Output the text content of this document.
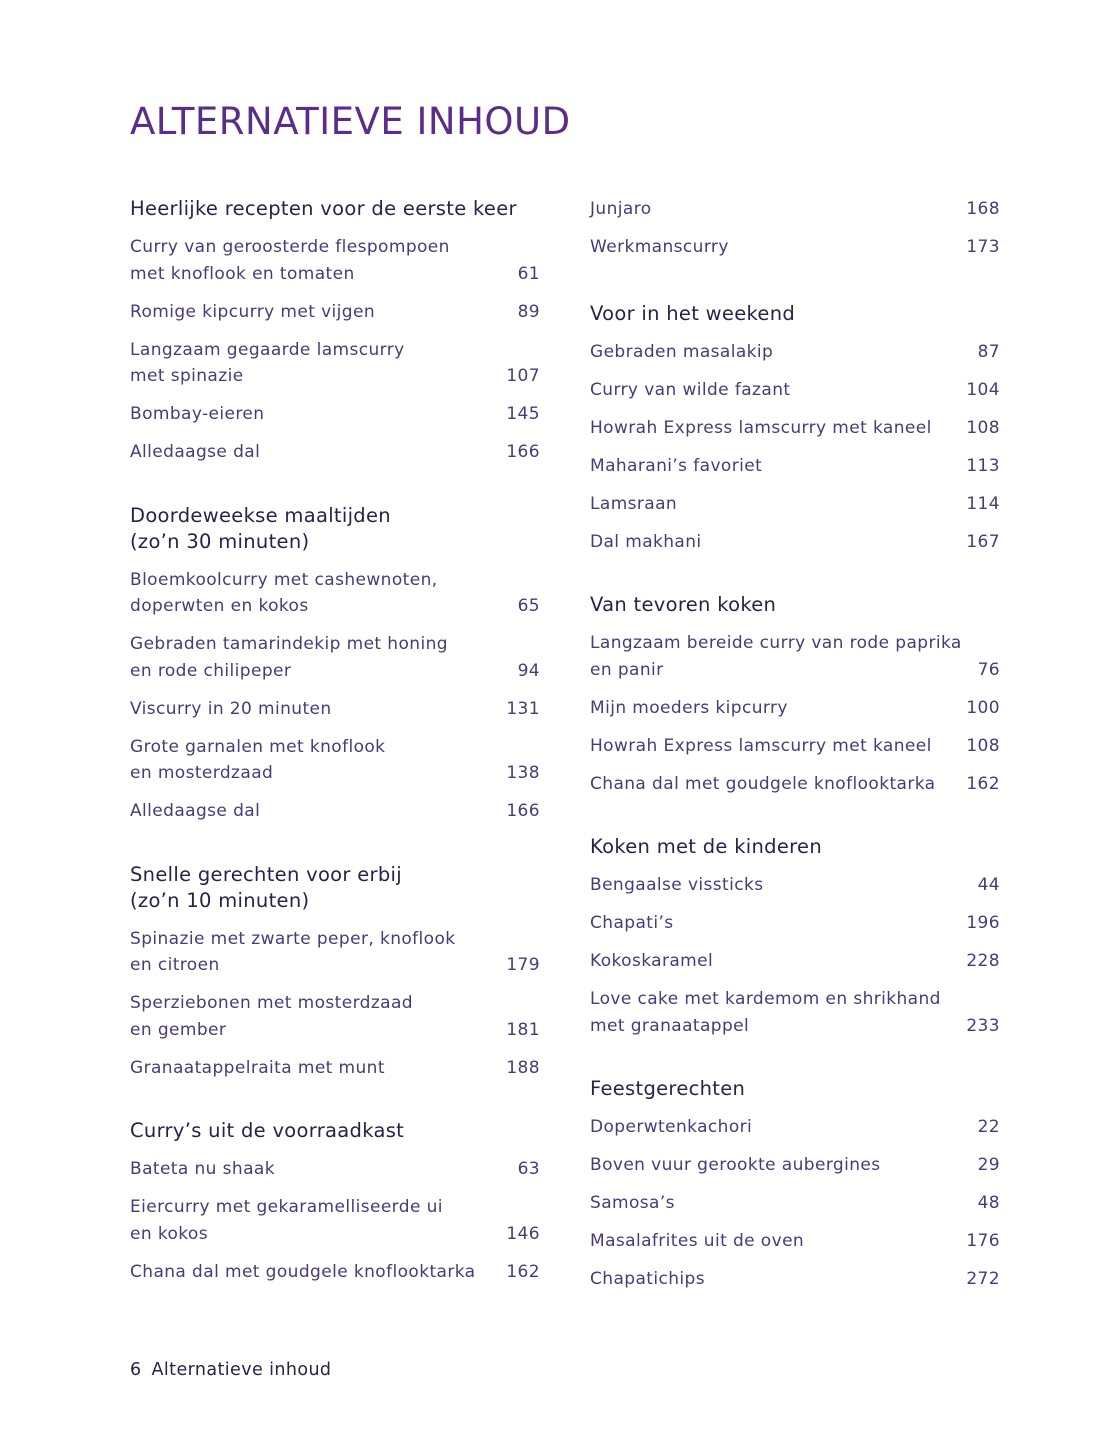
ALTERNATIEVE INHOUD
Heerlijke recepten voor de eerste keer
Curry van geroosterde flespompoen
met knoflook en tomaten	61
Romige kipcurry met vijgen	89
Langzaam gegaarde lamscurry
met spinazie	107
Bombay-eieren	145
Alledaagse dal	166
Doordeweekse maaltijden
(zo’n 30 minuten)
Bloemkoolcurry met cashewnoten,
doperwten en kokos	65
Gebraden tamarindekip met honing
en rode chilipeper	94
Viscurry in 20 minuten	131
Grote garnalen met knoflook
en mosterdzaad	138
Alledaagse dal	166
Snelle gerechten voor erbij
(zo’n 10 minuten)
Spinazie met zwarte peper, knoflook
en citroen	179
Sperziebonen met mosterdzaad
en gember	181
Granaatappelraita met munt	188
Curry’s uit de voorraadkast
Bateta nu shaak	63
Eiercurry met gekaramelliseerde ui
en kokos	146
Chana dal met goudgele knoflooktarka 162
Junjaro	168
Werkmanscurry	173
Voor in het weekend
Gebraden masalakip	87
Curry van wilde fazant	104
Howrah Express lamscurry met kaneel 108
Maharani’s favoriet	113
Lamsraan	114
Dal makhani	167
Van tevoren koken
Langzaam bereide curry van rode paprika
en panir	76
Mijn moeders kipcurry	100
Howrah Express lamscurry met kaneel 108
Chana dal met goudgele knoflooktarka 162
Koken met de kinderen
Bengaalse vissticks	44
Chapati’s	196
Kokoskaramel	228
Love cake met kardemom en shrikhand
met granaatappel	233
Feestgerechten
Doperwtenkachori	22
Boven vuur gerookte aubergines	29
Samosa’s	48
Masalafrites uit de oven	176
Chapatichips	272
6 Alternatieve inhoud
